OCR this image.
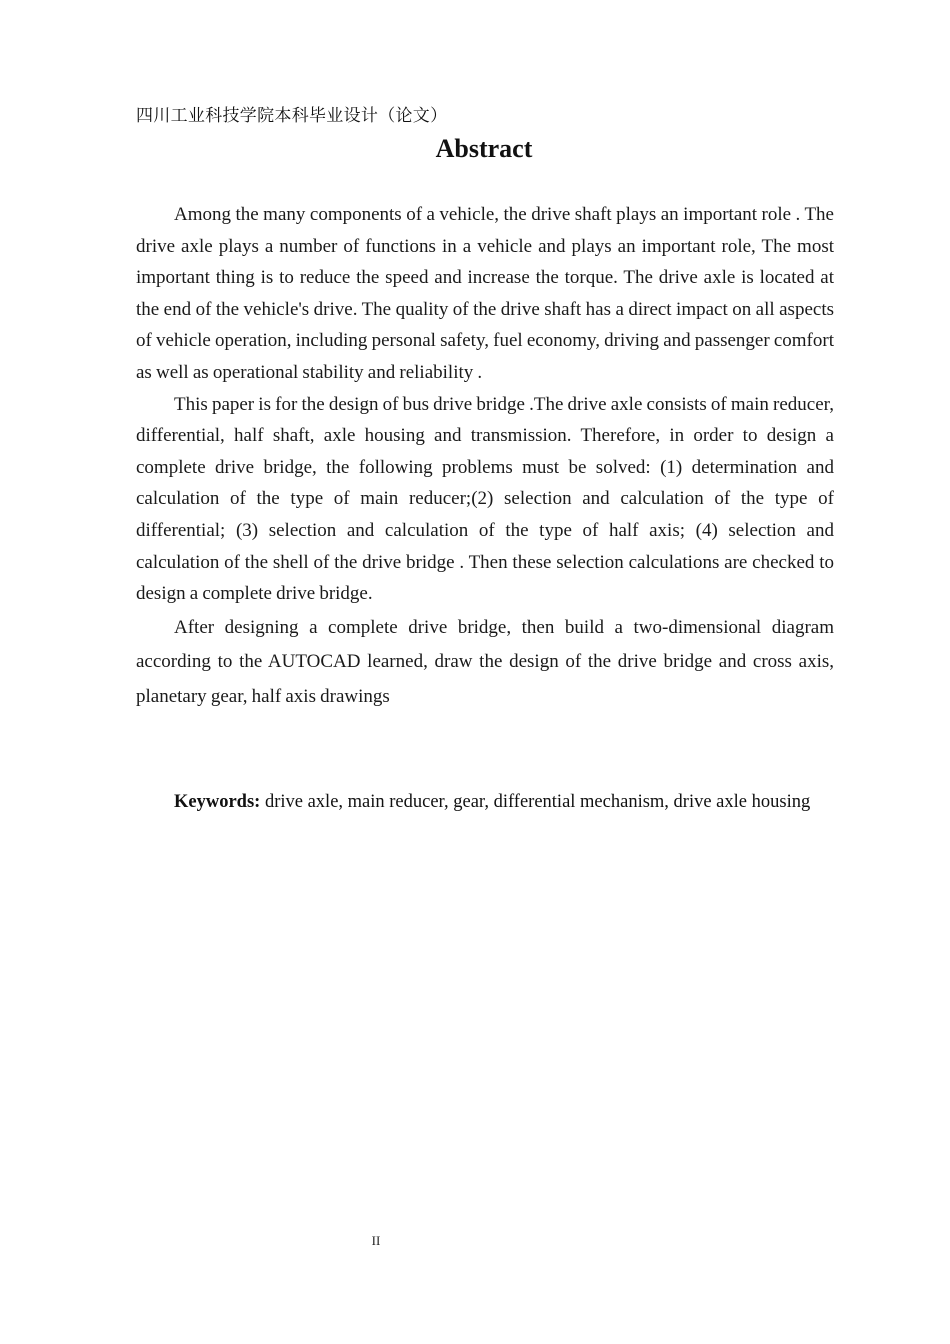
四川工业科技学院本科毕业设计（论文）
Abstract

Among the many components of a vehicle, the drive shaft plays an important role . The drive axle plays a number of functions in a vehicle and plays an important role, The most important thing is to reduce the speed and increase the torque. The drive axle is located at the end of the vehicle's drive. The quality of the drive shaft has a direct impact on all aspects of vehicle operation, including personal safety, fuel economy, driving and passenger comfort as well as operational stability and reliability .

This paper is for the design of bus drive bridge .The drive axle consists of main reducer, differential, half shaft, axle housing and transmission. Therefore, in order to design a complete drive bridge, the following problems must be solved: (1) determination and calculation of the type of main reducer;(2) selection and calculation of the type of differential; (3) selection and calculation of the type of half axis; (4) selection and calculation of the shell of the drive bridge . Then these selection calculations are checked to design a complete drive bridge.

After designing a complete drive bridge, then build a two-dimensional diagram according to the AUTOCAD learned, draw the design of the drive bridge and cross axis, planetary gear, half axis drawings

Keywords: drive axle, main reducer, gear, differential mechanism, drive axle housing
II
